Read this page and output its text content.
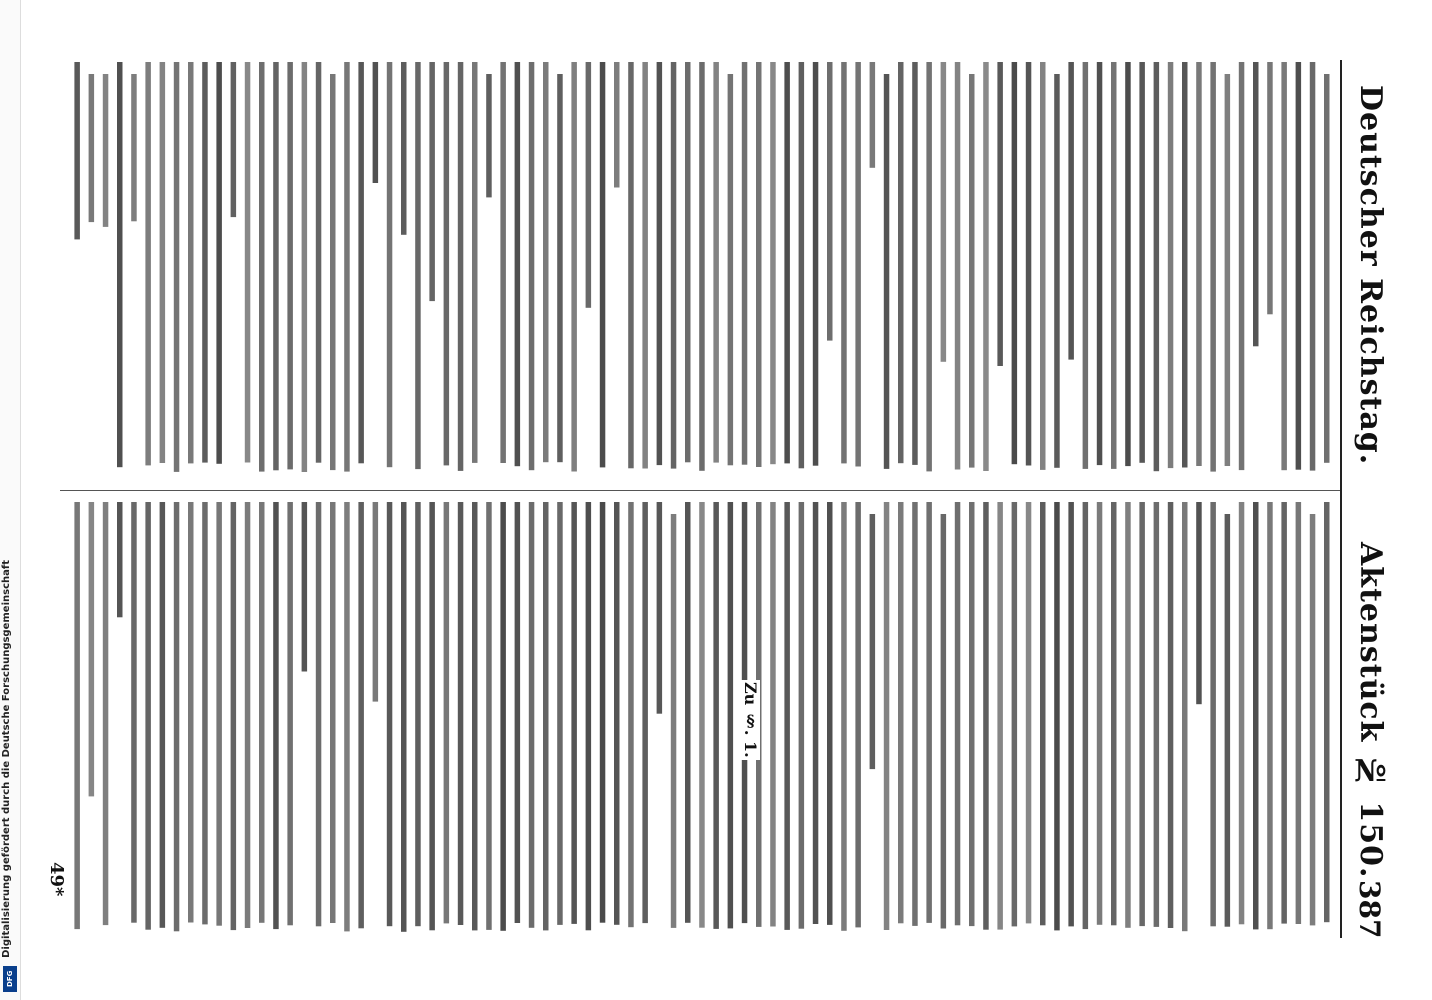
Deutscher Reichstag.
Aktenstück № 150.
387
Zu §. 1.
49*
Digitalisierung gefördert durch die Deutsche Forschungsgemeinschaft
DFG
